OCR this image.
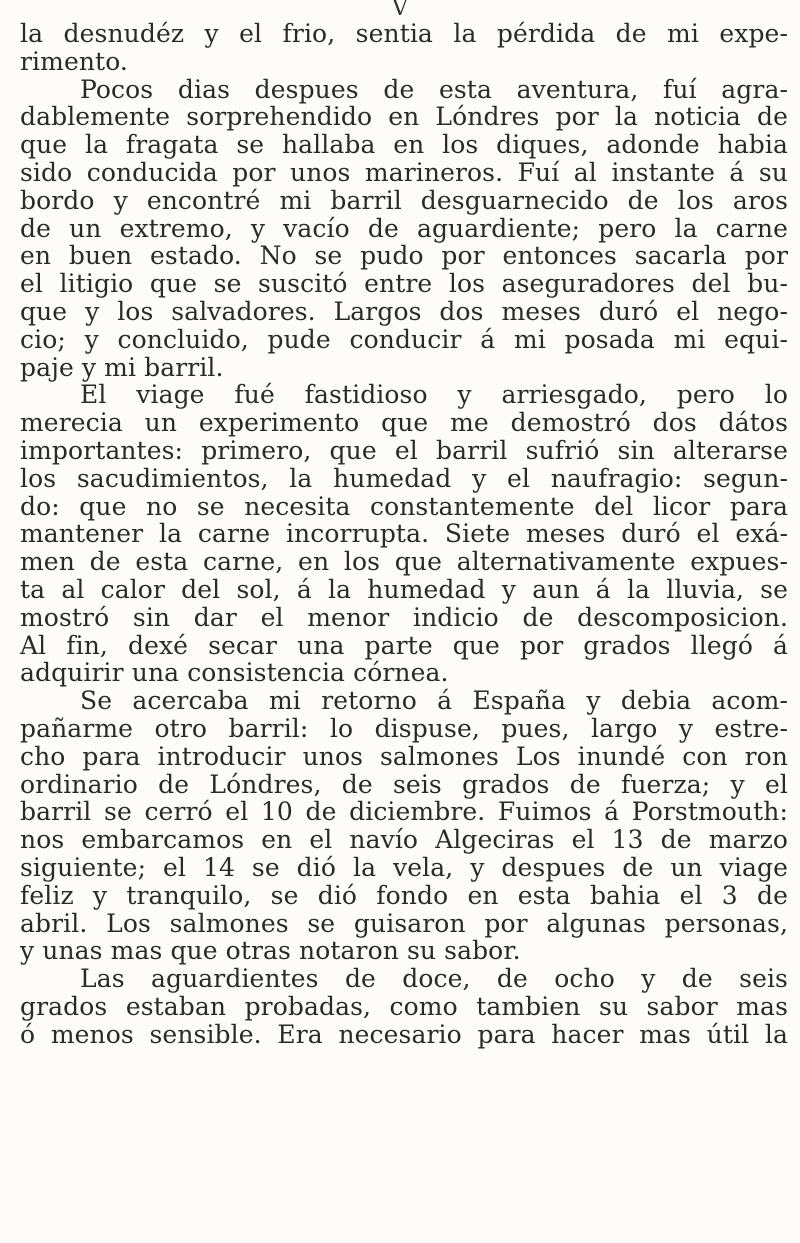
V
la desnudéz y el frio, sentia la pérdida de mi expe-
rimento.
Pocos dias despues de esta aventura, fuí agra-
dablemente sorprehendido en Lóndres por la noticia de
que la fragata se hallaba en los diques, adonde habia
sido conducida por unos marineros. Fuí al instante á su
bordo y encontré mi barril desguarnecido de los aros
de un extremo, y vacío de aguardiente; pero la carne
en buen estado. No se pudo por entonces sacarla por
el litigio que se suscitó entre los aseguradores del bu-
que y los salvadores. Largos dos meses duró el nego-
cio; y concluido, pude conducir á mi posada mi equi-
paje y mi barril.
El viage fué fastidioso y arriesgado, pero lo
merecia un experimento que me demostró dos dátos
importantes: primero, que el barril sufrió sin alterarse
los sacudimientos, la humedad y el naufragio: segun-
do: que no se necesita constantemente del licor para
mantener la carne incorrupta. Siete meses duró el exá-
men de esta carne, en los que alternativamente expues-
ta al calor del sol, á la humedad y aun á la lluvia, se
mostró sin dar el menor indicio de descomposicion.
Al fin, dexé secar una parte que por grados llegó á
adquirir una consistencia córnea.
Se acercaba mi retorno á España y debia acom-
pañarme otro barril: lo dispuse, pues, largo y estre-
cho para introducir unos salmones Los inundé con ron
ordinario de Lóndres, de seis grados de fuerza; y el
barril se cerró el 10 de diciembre. Fuimos á Porstmouth:
nos embarcamos en el navío Algeciras el 13 de marzo
siguiente; el 14 se dió la vela, y despues de un viage
feliz y tranquilo, se dió fondo en esta bahia el 3 de
abril. Los salmones se guisaron por algunas personas,
y unas mas que otras notaron su sabor.
Las aguardientes de doce, de ocho y de seis
grados estaban probadas, como tambien su sabor mas
ó menos sensible. Era necesario para hacer mas útil la
